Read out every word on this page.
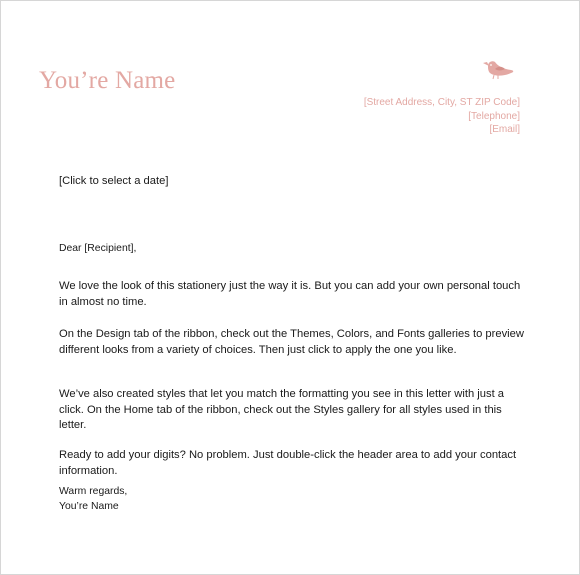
You’re Name
[Street Address, City, ST ZIP Code]
[Telephone]
[Email]
[Click to select a date]
Dear [Recipient],

We love the look of this stationery just the way it is. But you can add your own personal touch in almost no time.

On the Design tab of the ribbon, check out the Themes, Colors, and Fonts galleries to preview different looks from a variety of choices. Then just click to apply the one you like.

We’ve also created styles that let you match the formatting you see in this letter with just a click. On the Home tab of the ribbon, check out the Styles gallery for all styles used in this letter.

Ready to add your digits? No problem. Just double-click the header area to add your contact information.

Warm regards,
You’re Name
